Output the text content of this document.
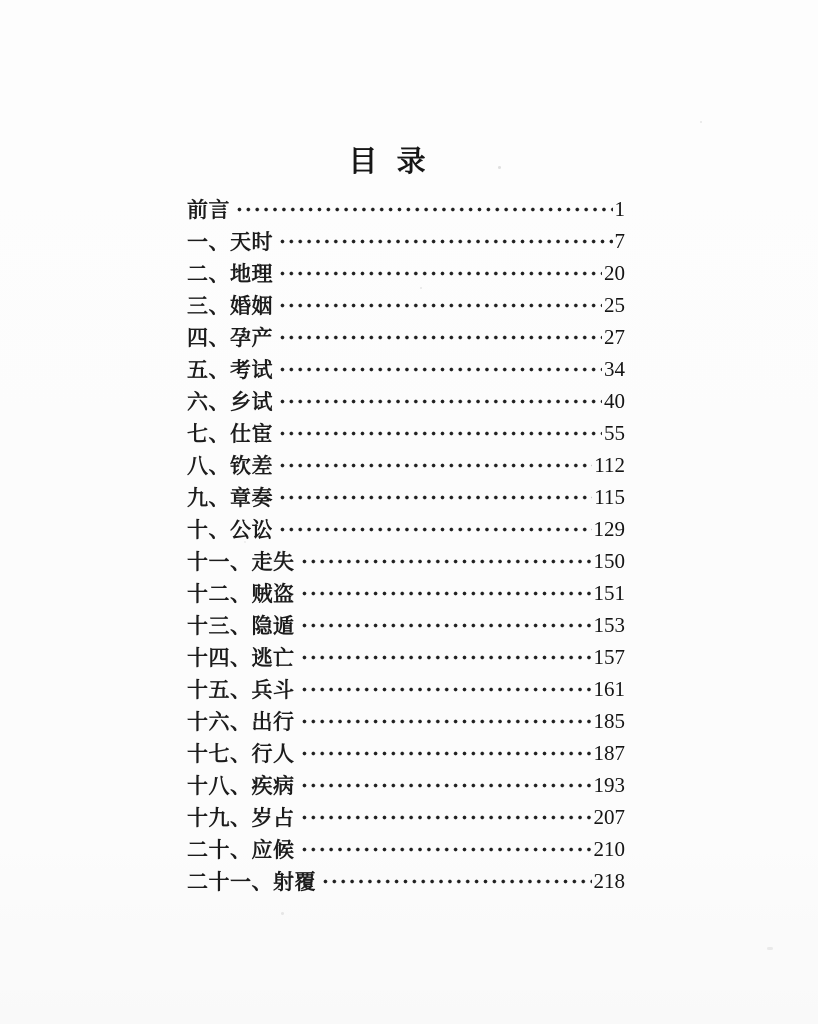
目 录
前言	1
一、天时	7
二、地理	20
三、婚姻	25
四、孕产	27
五、考试	34
六、乡试	40
七、仕宦	55
八、钦差	112
九、章奏	115
十、公讼	129
十一、走失	150
十二、贼盗	151
十三、隐遁	153
十四、逃亡	157
十五、兵斗	161
十六、出行	185
十七、行人	187
十八、疾病	193
十九、岁占	207
二十、应候	210
二十一、射覆	218
